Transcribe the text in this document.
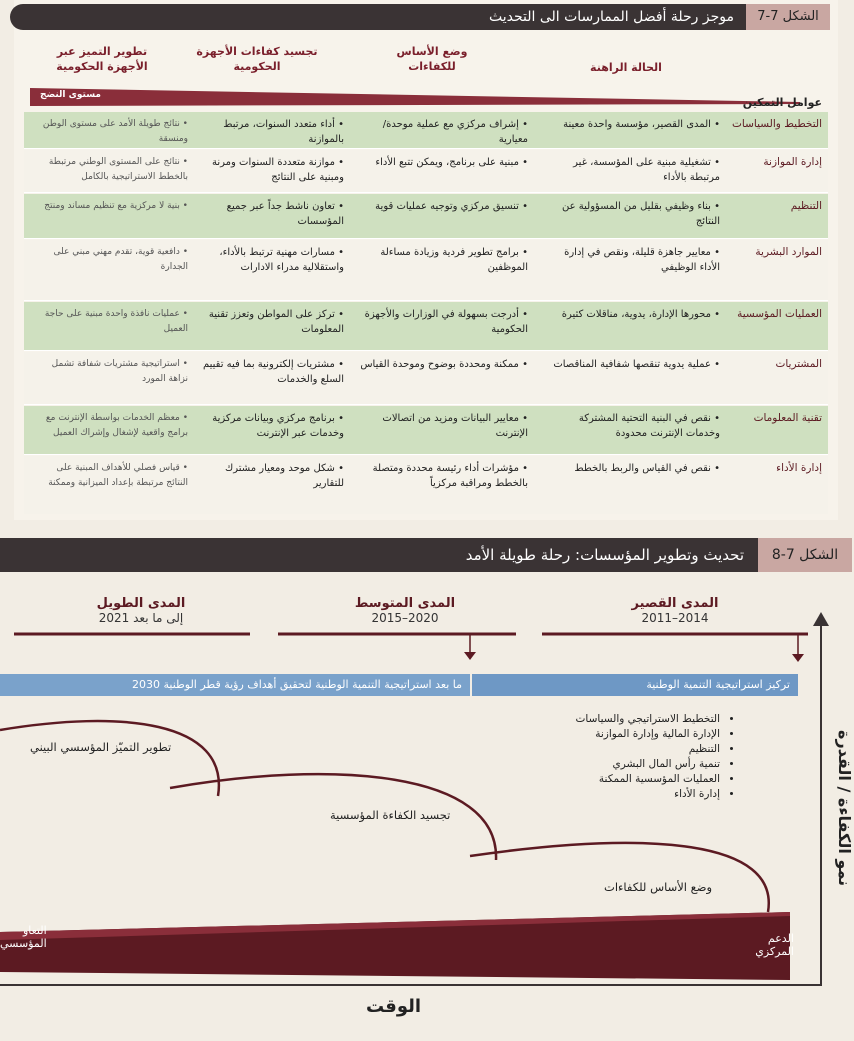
الشكل 7-7
موجز رحلة أفضل الممارسات الى التحديث
الحالة الراهنة
وضع الأساس
للكفاءات
تجسيد كفاءات الأجهزة
الحكومية
تطوير التميز عبر
الأجهزة الحكومية
مستوى النضج
عوامل التمكين
التخطيط والسياسات
• المدى القصير، مؤسسة واحدة معينة
• إشراف مركزي مع عملية موحدة/معيارية
• أداء متعدد السنوات، مرتبط بالموازنة
• نتائج طويلة الأمد على مستوى الوطن ومنسقة
إدارة الموازنة
• تشغيلية مبنية على المؤسسة، غير مرتبطة بالأداء
• مبنية على برنامج، ويمكن تتبع الأداء
• موازنة متعددة السنوات ومرنة ومبنية على النتائج
• نتائج على المستوى الوطني مرتبطة بالخطط الاستراتيجية بالكامل
التنظيم
• بناء وظيفي بقليل من المسؤولية عن النتائج
• تنسيق مركزي وتوجيه عمليات قوية
• تعاون ناشط جداً عبر جميع المؤسسات
• بنية لا مركزية مع تنظيم مساند ومنتج
الموارد البشرية
• معايير جاهزة قليلة، ونقص في إدارة الأداء الوظيفي
• برامج تطوير فردية وزيادة مساءلة الموظفين
• مسارات مهنية ترتبط بالأداء، واستقلالية مدراء الادارات
• دافعية قوية، تقدم مهني مبني على الجدارة
العمليات المؤسسية
• محورها الإدارة، يدوية، مناقلات كثيرة
• أدرجت بسهولة في الوزارات والأجهزة الحكومية
• تركز على المواطن وتعزز تقنية المعلومات
• عمليات نافذة واحدة مبنية على حاجة العميل
المشتريات
• عملية يدوية تنقصها شفافية المناقصات
• ممكنة ومحددة بوضوح وموحدة القياس
• مشتريات إلكترونية بما فيه تقييم السلع والخدمات
• استراتيجية مشتريات شفافة تشمل نزاهة المورد
تقنية المعلومات
• نقص في البنية التحتية المشتركة وخدمات الإنترنت محدودة
• معايير البيانات ومزيد من اتصالات الإنترنت
• برنامج مركزي وبيانات مركزية وخدمات عبر الإنترنت
• معظم الخدمات بواسطة الإنترنت مع برامج واقعية لإشغال وإشراك العميل
إدارة الأداء
• نقص في القياس والربط بالخطط
• مؤشرات أداء رئيسة محددة ومتصلة بالخطط ومراقبة مركزياً
• شكل موحد ومعيار مشترك للتقارير
• قياس فصلي للأهداف المبنية على النتائج مرتبطة بإعداد الميزانية وممكنة
الشكل 7-8
تحديث وتطوير المؤسسات: رحلة طويلة الأمد
المدى القصير
2014–2011
المدى المتوسط
2020–2015
المدى الطويل
إلى ما بعد 2021
ما بعد استراتيجية التنمية الوطنية لتحقيق أهداف رؤية قطر الوطنية 2030	تركيز استراتيجية التنمية الوطنية
• التخطيط الاستراتيجي والسياسات
• الإدارة المالية وإدارة الموازنة
• التنظيم
• تنمية رأس المال البشري
• العمليات المؤسسية الممكنة
• إدارة الأداء
تطوير التميّز المؤسسي البيني
تجسيد الكفاءة المؤسسية
وضع الأساس للكفاءات
الدعم
المركزي
التعاو
المؤسسي
نمو الكفاءة / القدرة
الوقت
